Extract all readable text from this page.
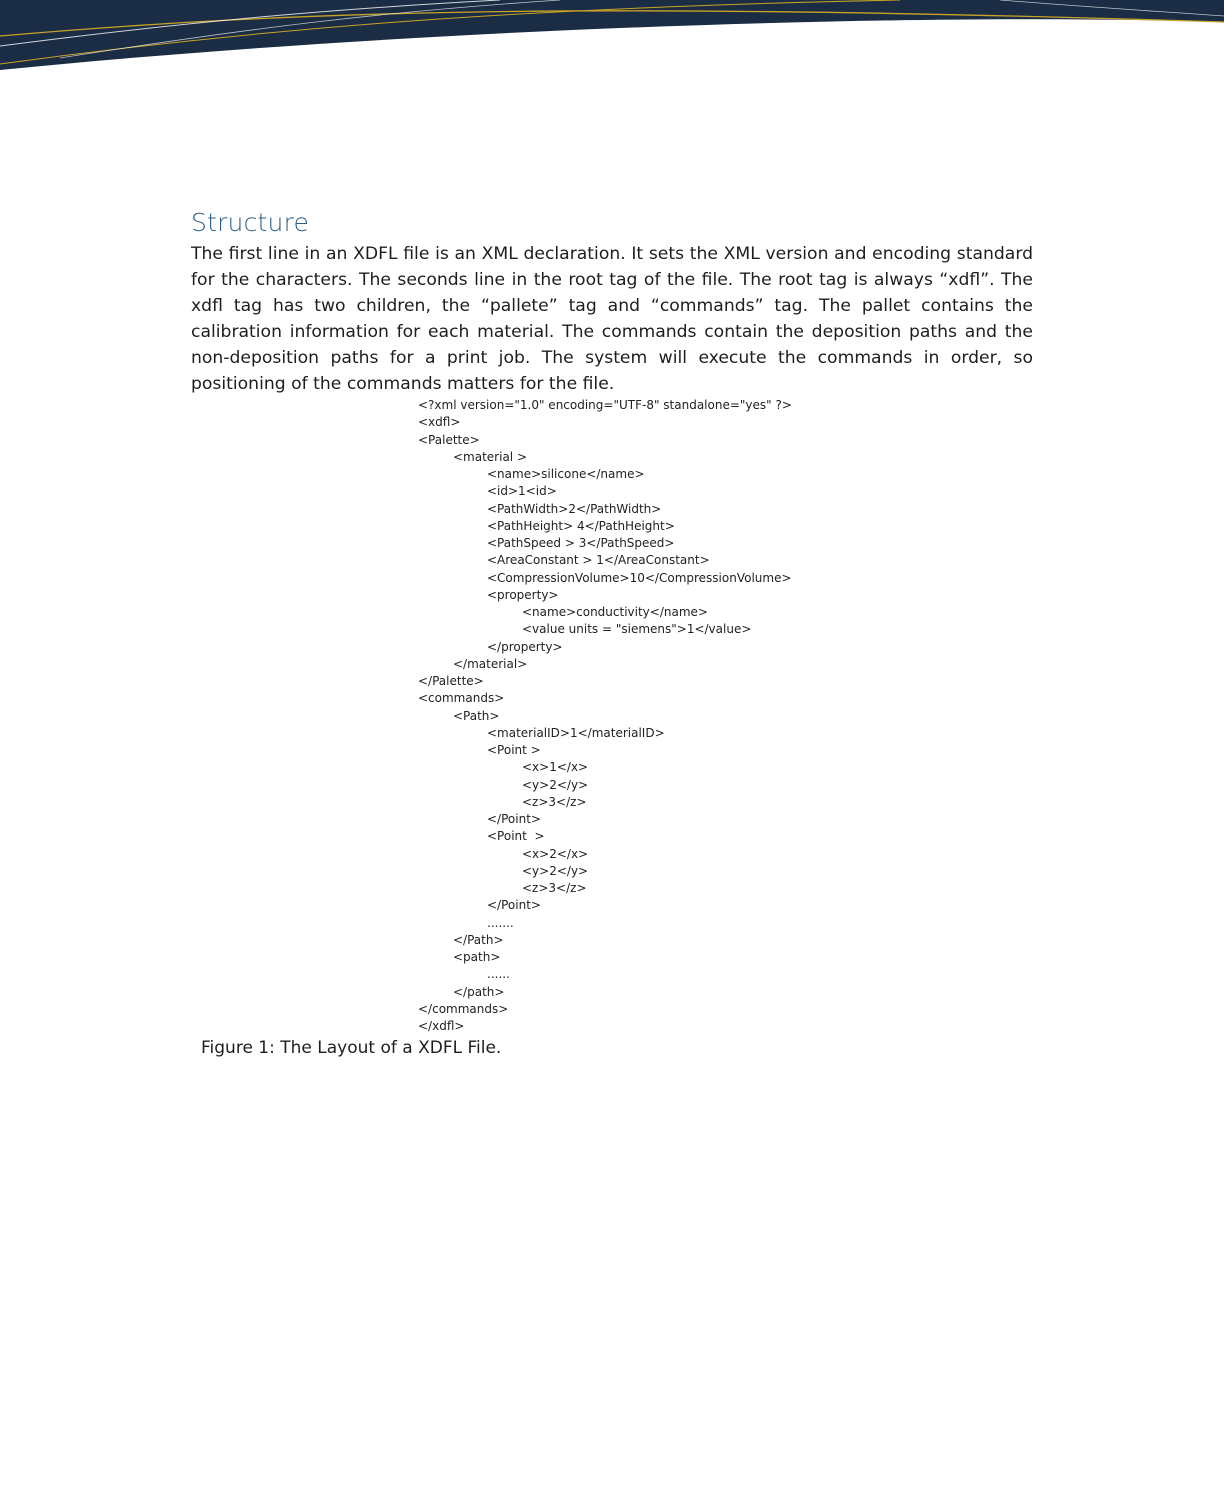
Structure

The first line in an XDFL file is an XML declaration. It sets the XML version and encoding standard for the characters. The seconds line in the root tag of the file. The root tag is always “xdfl”. The xdfl tag has two children, the “pallete” tag and “commands” tag. The pallet contains the calibration information for each material. The commands contain the deposition paths and the non-deposition paths for a print job. The system will execute the commands in order, so positioning of the commands matters for the file.

<?xml version="1.0" encoding="UTF-8" standalone="yes" ?>
<xdfl>
<Palette>
<material >
<name>silicone</name>
<id>1<id>
<PathWidth>2</PathWidth>
<PathHeight> 4</PathHeight>
<PathSpeed > 3</PathSpeed>
<AreaConstant > 1</AreaConstant>
<CompressionVolume>10</CompressionVolume>
<property>
<name>conductivity</name>
<value units = "siemens">1</value>
</property>
</material>
</Palette>
<commands>
<Path>
<materialID>1</materialID>
<Point >
<x>1</x>
<y>2</y>
<z>3</z>
</Point>
<Point  >
<x>2</x>
<y>2</y>
<z>3</z>
</Point>
.......
</Path>
<path>
......
</path>
</commands>
</xdfl>
Figure 1: The Layout of a XDFL File.
